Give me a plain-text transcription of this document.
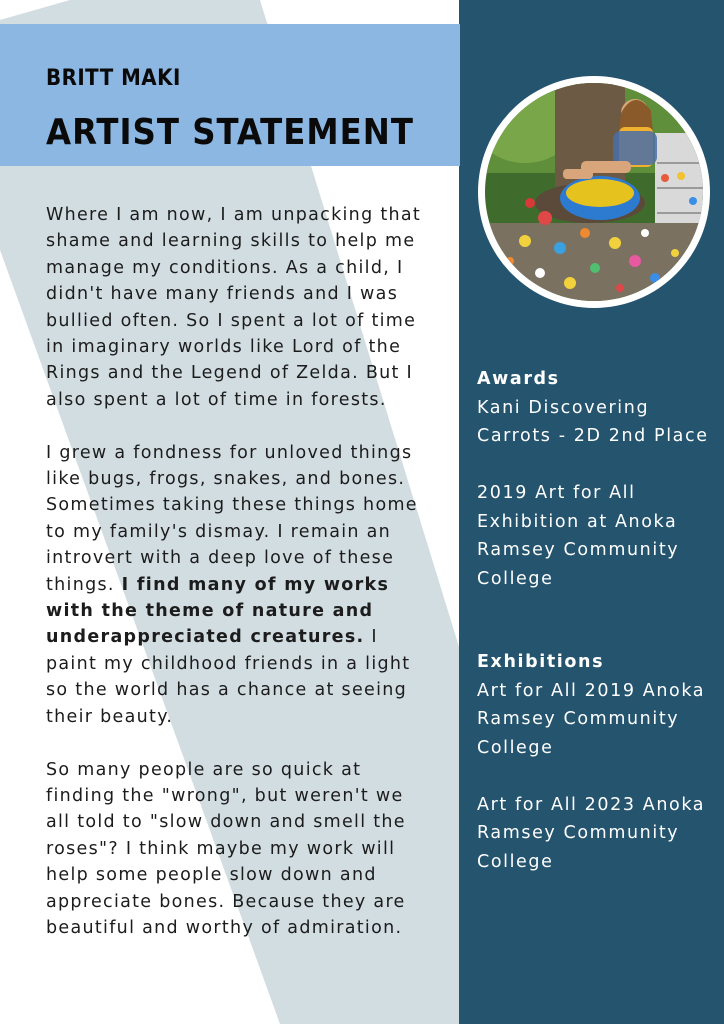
BRITT MAKI
ARTIST STATEMENT

Where I am now, I am unpacking that shame and learning skills to help me manage my conditions. As a child, I didn't have many friends and I was bullied often. So I spent a lot of time in imaginary worlds like Lord of the Rings and the Legend of Zelda. But I also spent a lot of time in forests.

I grew a fondness for unloved things like bugs, frogs, snakes, and bones. Sometimes taking these things home to my family's dismay. I remain an introvert with a deep love of these things. I find many of my works with the theme of nature and underappreciated creatures. I paint my childhood friends in a light so the world has a chance at seeing their beauty.

So many people are so quick at finding the "wrong", but weren't we all told to "slow down and smell the roses"? I think maybe my work will help some people slow down and appreciate bones. Because they are beautiful and worthy of admiration.

Awards

Kani Discovering Carrots - 2D 2nd Place

2019 Art for All Exhibition at Anoka Ramsey Community College

Exhibitions

Art for All 2019 Anoka Ramsey Community College

Art for All 2023 Anoka Ramsey Community College
